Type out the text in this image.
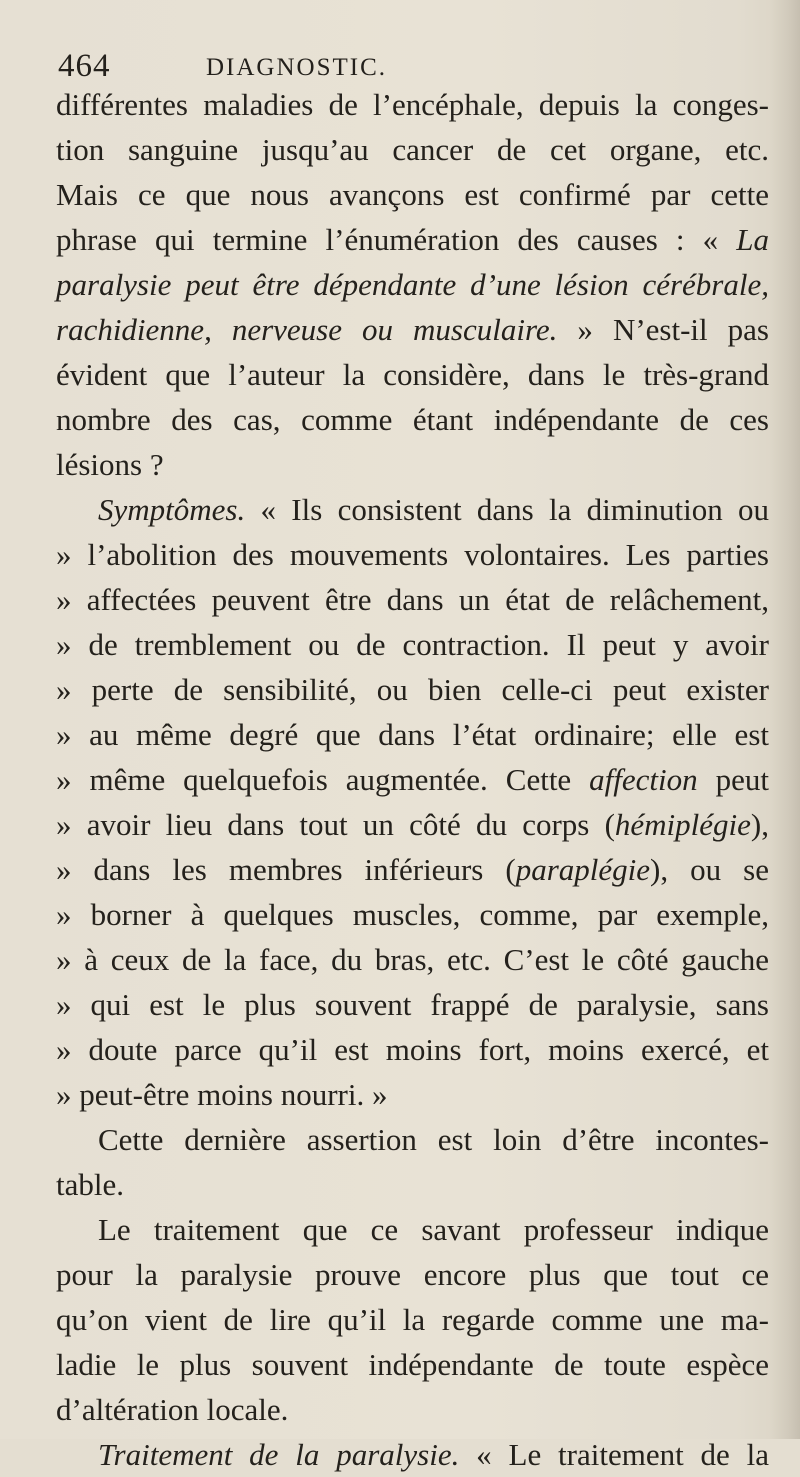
464	DIAGNOSTIC.
différentes maladies de l’encéphale, depuis la conges-
tion sanguine jusqu’au cancer de cet organe, etc.
Mais ce que nous avançons est confirmé par cette
phrase qui termine l’énumération des causes : « La
paralysie peut être dépendante d’une lésion cérébrale,
rachidienne, nerveuse ou musculaire. » N’est-il pas
évident que l’auteur la considère, dans le très-grand
nombre des cas, comme étant indépendante de ces
lésions ?
Symptômes. « Ils consistent dans la diminution ou
» l’abolition des mouvements volontaires. Les parties
» affectées peuvent être dans un état de relâchement,
» de tremblement ou de contraction. Il peut y avoir
» perte de sensibilité, ou bien celle-ci peut exister
» au même degré que dans l’état ordinaire; elle est
» même quelquefois augmentée. Cette affection peut
» avoir lieu dans tout un côté du corps (hémiplégie),
» dans les membres inférieurs (paraplégie), ou se
» borner à quelques muscles, comme, par exemple,
» à ceux de la face, du bras, etc. C’est le côté gauche
» qui est le plus souvent frappé de paralysie, sans
» doute parce qu’il est moins fort, moins exercé, et
» peut-être moins nourri. »
Cette dernière assertion est loin d’être incontes-
table.
Le traitement que ce savant professeur indique
pour la paralysie prouve encore plus que tout ce
qu’on vient de lire qu’il la regarde comme une ma-
ladie le plus souvent indépendante de toute espèce
d’altération locale.
Traitement de la paralysie. « Le traitement de la
